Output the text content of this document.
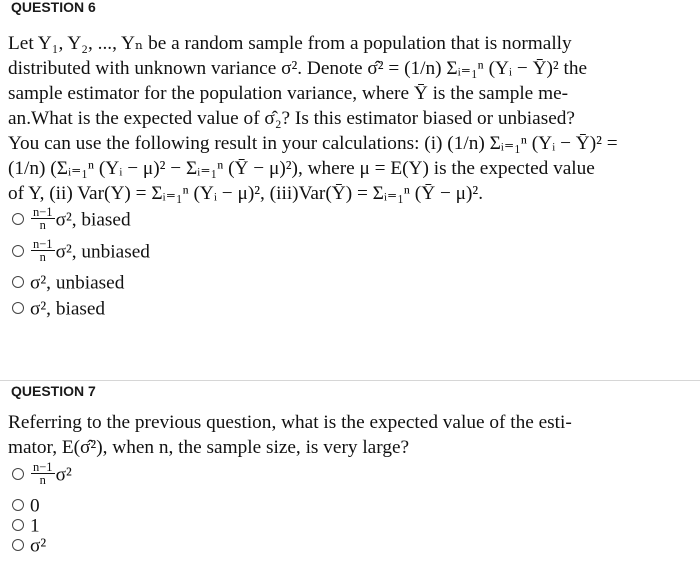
QUESTION 6
Let Y₁, Y₂, ..., Yₙ be a random sample from a population that is normally
distributed with unknown variance σ². Denote σ̂² = (1/n) Σᵢ₌₁ⁿ (Yᵢ − Ȳ)² the
sample estimator for the population variance, where Ȳ is the sample me-
an.What is the expected value of σ̂₂? Is this estimator biased or unbiased?
You can use the following result in your calculations: (i) (1/n) Σᵢ₌₁ⁿ (Yᵢ − Ȳ)² =
(1/n) (Σᵢ₌₁ⁿ (Yᵢ − μ)² − Σᵢ₌₁ⁿ (Ȳ − μ)²), where μ = E(Y) is the expected value
of Y, (ii) Var(Y) = Σᵢ₌₁ⁿ (Yᵢ − μ)², (iii)Var(Ȳ) = Σᵢ₌₁ⁿ (Ȳ − μ)².
$\frac{n-1}{n} \sigma^2$, biased
$\frac{n-1}{n} \sigma^2$, unbiased
σ², unbiased
σ², biased
QUESTION 7
Referring to the previous question, what is the expected value of the esti-
mator, E(σ̂²), when n, the sample size, is very large?
$\frac{n-1}{n} \sigma^2$
0
1
σ²
